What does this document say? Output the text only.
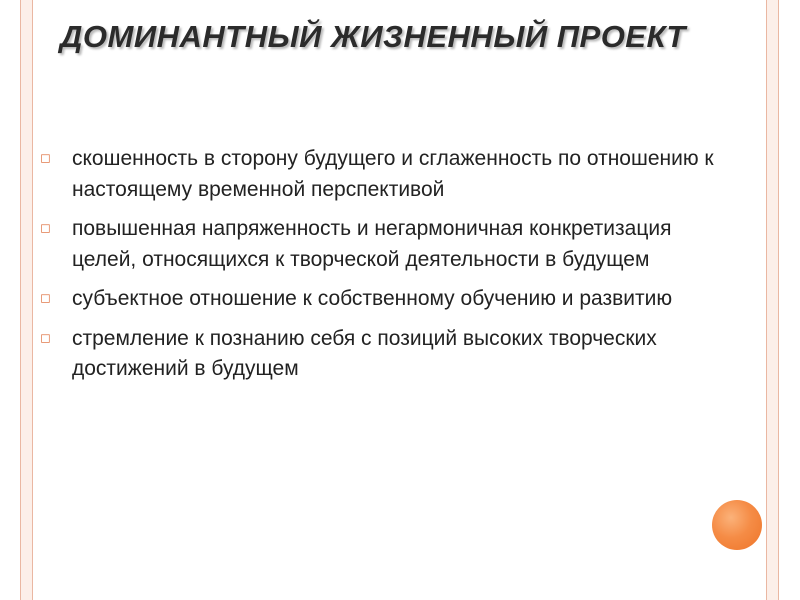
ДОМИНАНТНЫЙ ЖИЗНЕННЫЙ ПРОЕКТ
◻ скошенность в сторону будущего и сглаженность по отношению к настоящему временной перспективой
◻ повышенная напряженность и негармоничная конкретизация целей, относящихся к творческой деятельности в будущем
◻ субъектное отношение к собственному обучению и развитию
◻ стремление к познанию себя с позиций высоких творческих достижений в будущем
